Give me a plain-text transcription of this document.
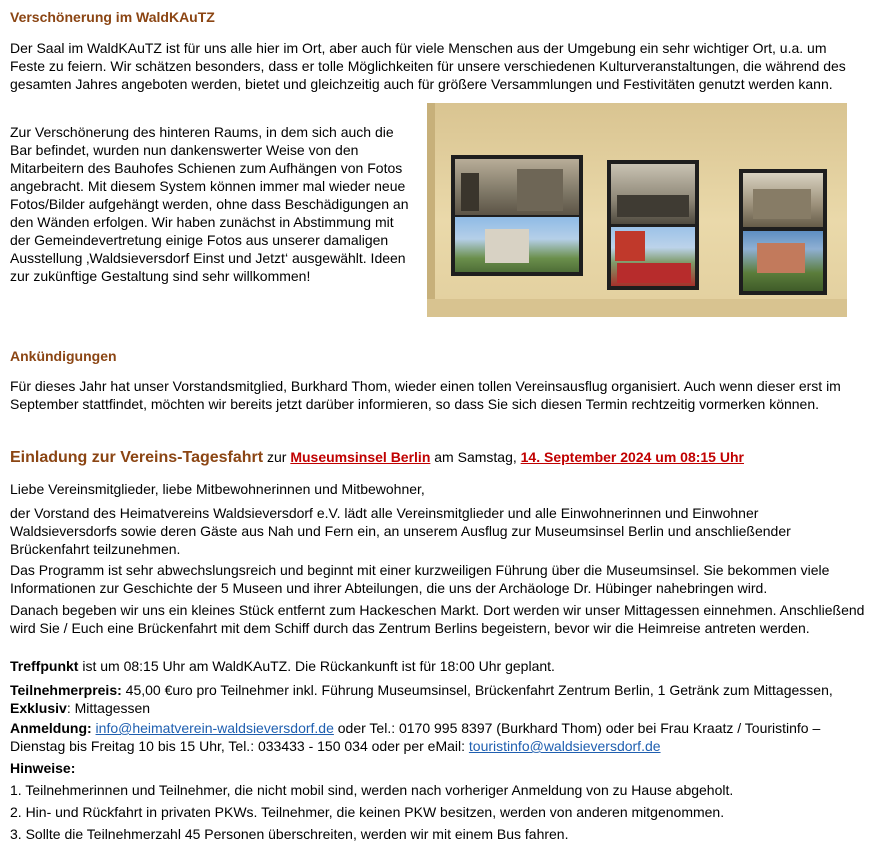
Verschönerung im WaldKAuTZ

Der Saal im WaldKAuTZ ist für uns alle hier im Ort, aber auch für viele Menschen aus der Umgebung ein sehr wichtiger Ort, u.a. um Feste zu feiern. Wir schätzen besonders, dass er tolle Möglichkeiten für unsere verschiedenen Kulturveranstaltungen, die während des gesamten Jahres angeboten werden, bietet und gleichzeitig auch für größere Versammlungen und Festivitäten genutzt werden kann.

Zur Verschönerung des hinteren Raums, in dem sich auch die Bar befindet, wurden nun dankenswerter Weise von den Mitarbeitern des Bauhofes Schienen zum Aufhängen von Fotos angebracht. Mit diesem System können immer mal wieder neue Fotos/Bilder aufgehängt werden, ohne dass Beschädigungen an den Wänden erfolgen. Wir haben zunächst in Abstimmung mit der Gemeindevertretung einige Fotos aus unserer damaligen Ausstellung ‚Waldsieversdorf Einst und Jetzt‘ ausgewählt. Ideen zur zukünftige Gestaltung sind sehr willkommen!

Ankündigungen

Für dieses Jahr hat unser Vorstandsmitglied, Burkhard Thom, wieder einen tollen Vereinsausflug organisiert. Auch wenn dieser erst im September stattfindet, möchten wir bereits jetzt darüber informieren, so dass Sie sich diesen Termin rechtzeitig vormerken können.

Einladung zur Vereins-Tagesfahrt zur Museumsinsel Berlin am Samstag, 14. September 2024 um 08:15 Uhr

Liebe Vereinsmitglieder, liebe Mitbewohnerinnen und Mitbewohner,

der Vorstand des Heimatvereins Waldsieversdorf e.V. lädt alle Vereinsmitglieder und alle Einwohnerinnen und Einwohner Waldsieversdorfs sowie deren Gäste aus Nah und Fern ein, an unserem Ausflug zur Museumsinsel Berlin und anschließender Brückenfahrt teilzunehmen.

Das Programm ist sehr abwechslungsreich und beginnt mit einer kurzweiligen Führung über die Museumsinsel. Sie bekommen viele Informationen zur Geschichte der 5 Museen und ihrer Abteilungen, die uns der Archäologe Dr. Hübinger nahebringen wird.

Danach begeben wir uns ein kleines Stück entfernt zum Hackeschen Markt. Dort werden wir unser Mittagessen einnehmen. Anschließend wird Sie / Euch eine Brückenfahrt mit dem Schiff durch das Zentrum Berlins begeistern, bevor wir die Heimreise antreten werden.

Treffpunkt ist um 08:15 Uhr am WaldKAuTZ. Die Rückankunft ist für 18:00 Uhr geplant.

Teilnehmerpreis: 45,00 €uro pro Teilnehmer inkl. Führung Museumsinsel, Brückenfahrt Zentrum Berlin, 1 Getränk zum Mittagessen, Exklusiv: Mittagessen

Anmeldung: info@heimatverein-waldsieversdorf.de oder Tel.: 0170 995 8397 (Burkhard Thom) oder bei Frau Kraatz / Touristinfo – Dienstag bis Freitag 10 bis 15 Uhr, Tel.: 033433 - 150 034 oder per eMail: touristinfo@waldsieversdorf.de

Hinweise:

1. Teilnehmerinnen und Teilnehmer, die nicht mobil sind, werden nach vorheriger Anmeldung von zu Hause abgeholt.

2. Hin- und Rückfahrt in privaten PKWs. Teilnehmer, die keinen PKW besitzen, werden von anderen mitgenommen.

3. Sollte die Teilnehmerzahl 45 Personen überschreiten, werden wir mit einem Bus fahren.
